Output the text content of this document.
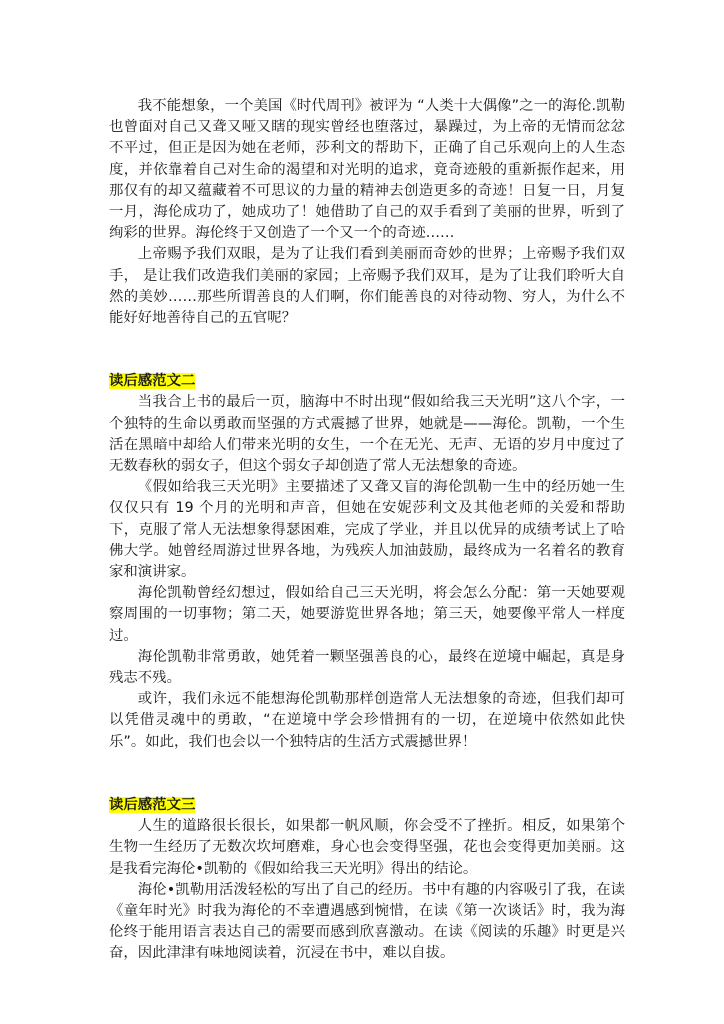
我不能想象，一个美国《时代周刊》被评为 “人类十大偶像”之一的海伦.凯勒也曾面对自己又聋又哑又瞎的现实曾经也堕落过，暴躁过，为上帝的无情而忿忿不平过，但正是因为她在老师，莎利文的帮助下，正确了自己乐观向上的人生态度，并依靠着自己对生命的渴望和对光明的追求，竟奇迹般的重新振作起来，用那仅有的却又蕴藏着不可思议的力量的精神去创造更多的奇迹！日复一日，月复一月，海伦成功了，她成功了！她借助了自己的双手看到了美丽的世界，听到了绚彩的世界。海伦终于又创造了一个又一个的奇迹……

上帝赐予我们双眼，是为了让我们看到美丽而奇妙的世界；上帝赐予我们双手， 是让我们改造我们美丽的家园；上帝赐予我们双耳，是为了让我们聆听大自然的美妙……那些所谓善良的人们啊，你们能善良的对待动物、穷人，为什么不能好好地善待自己的五官呢？

读后感范文二

当我合上书的最后一页，脑海中不时出现“假如给我三天光明”这八个字，一个独特的生命以勇敢而坚强的方式震撼了世界，她就是——海伦。凯勒，一个生活在黑暗中却给人们带来光明的女生，一个在无光、无声、无语的岁月中度过了无数春秋的弱女子，但这个弱女子却创造了常人无法想象的奇迹。

《假如给我三天光明》主要描述了又聋又盲的海伦凯勒一生中的经历她一生仅仅只有 19 个月的光明和声音，但她在安妮莎利文及其他老师的关爱和帮助下，克服了常人无法想象得瑟困难，完成了学业，并且以优异的成绩考试上了哈佛大学。她曾经周游过世界各地，为残疾人加油鼓励，最终成为一名着名的教育家和演讲家。

海伦凯勒曾经幻想过，假如给自己三天光明，将会怎么分配：第一天她要观察周围的一切事物；第二天，她要游览世界各地；第三天，她要像平常人一样度过。

海伦凯勒非常勇敢，她凭着一颗坚强善良的心，最终在逆境中崛起，真是身残志不残。

或许，我们永远不能想海伦凯勒那样创造常人无法想象的奇迹，但我们却可以凭借灵魂中的勇敢，“在逆境中学会珍惜拥有的一切，在逆境中依然如此快乐”。如此，我们也会以一个独特店的生活方式震撼世界！

读后感范文三

人生的道路很长很长，如果都一帆风顺，你会受不了挫折。相反，如果第个生物一生经历了无数次坎坷磨难，身心也会变得坚强，花也会变得更加美丽。这是我看完海伦•凯勒的《假如给我三天光明》得出的结论。

海伦•凯勒用活泼轻松的写出了自己的经历。书中有趣的内容吸引了我，在读《童年时光》时我为海伦的不幸遭遇感到惋惜，在读《第一次谈话》时，我为海伦终于能用语言表达自己的需要而感到欣喜激动。在读《阅读的乐趣》时更是兴奋，因此津津有味地阅读着，沉浸在书中，难以自拔。
